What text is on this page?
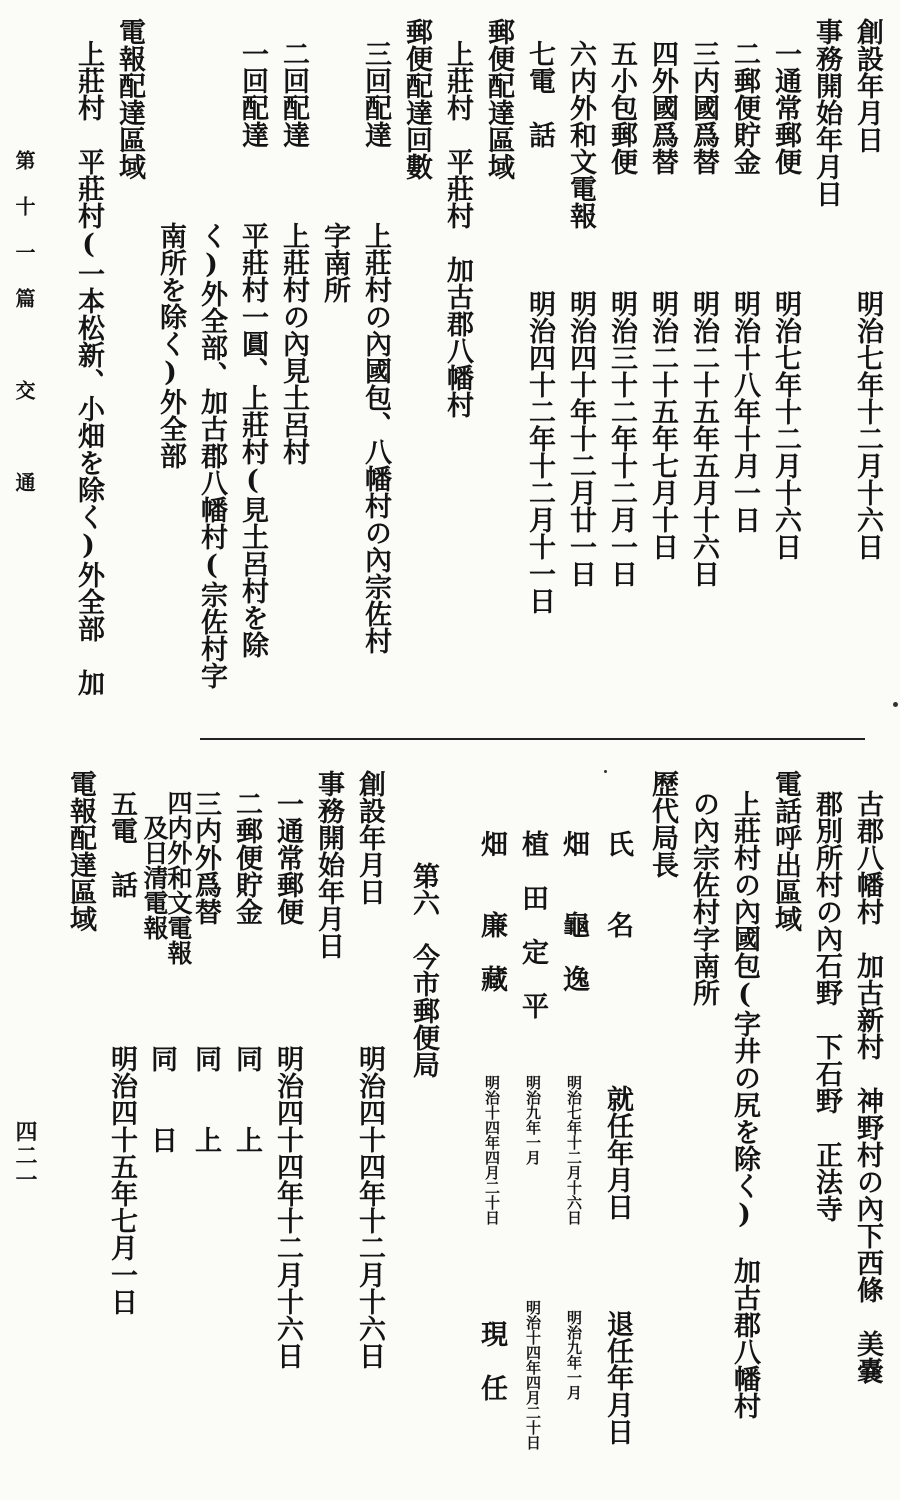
第十一篇　交　通
四二一
創設年月日
明治七年十二月十六日
事務開始年月日
一通常郵便
明治七年十二月十六日
二郵便貯金
明治十八年十月一日
三内國爲替
明治二十五年五月十六日
四外國爲替
明治二十五年七月十日
五小包郵便
明治三十二年十二月一日
六内外和文電報
明治四十年十二月廿一日
七電　話
明治四十二年十二月十一日
郵便配達區域
上莊村　平莊村　加古郡八幡村
郵便配達回數
三回配達
上莊村の內國包、八幡村の內宗佐村
字南所
二回配達
上莊村の內見土呂村
一回配達
平莊村一圓、上莊村(見土呂村を除
く)外全部、加古郡八幡村(宗佐村字
南所を除く)外全部
電報配達區域
上莊村　平莊村(一本松新、小畑を除く)外全部　加
古郡八幡村　加古新村　神野村の內下西條　美嚢
郡別所村の內石野　下石野　正法寺
電話呼出區域
上莊村の內國包(字井の尻を除く)　加古郡八幡村
の內宗佐村字南所
歷代局長
氏　　名
就任年月日
退任年月日
畑　　龜　逸
明治七年十二月十六日
明治九年一月
植　田　定　平
明治九年一月
明治十四年四月二十日
畑　　廉　藏
明治十四年四月二十日
現　任
第六　今市郵便局
創設年月日
明治四十四年十二月十六日
事務開始年月日
一通常郵便
明治四十四年十二月十六日
二郵便貯金
同　　上
三内外爲替
同　　上
四内外和文電報
及日清電報
同　　日
五電　話
明治四十五年七月一日
電報配達區域
